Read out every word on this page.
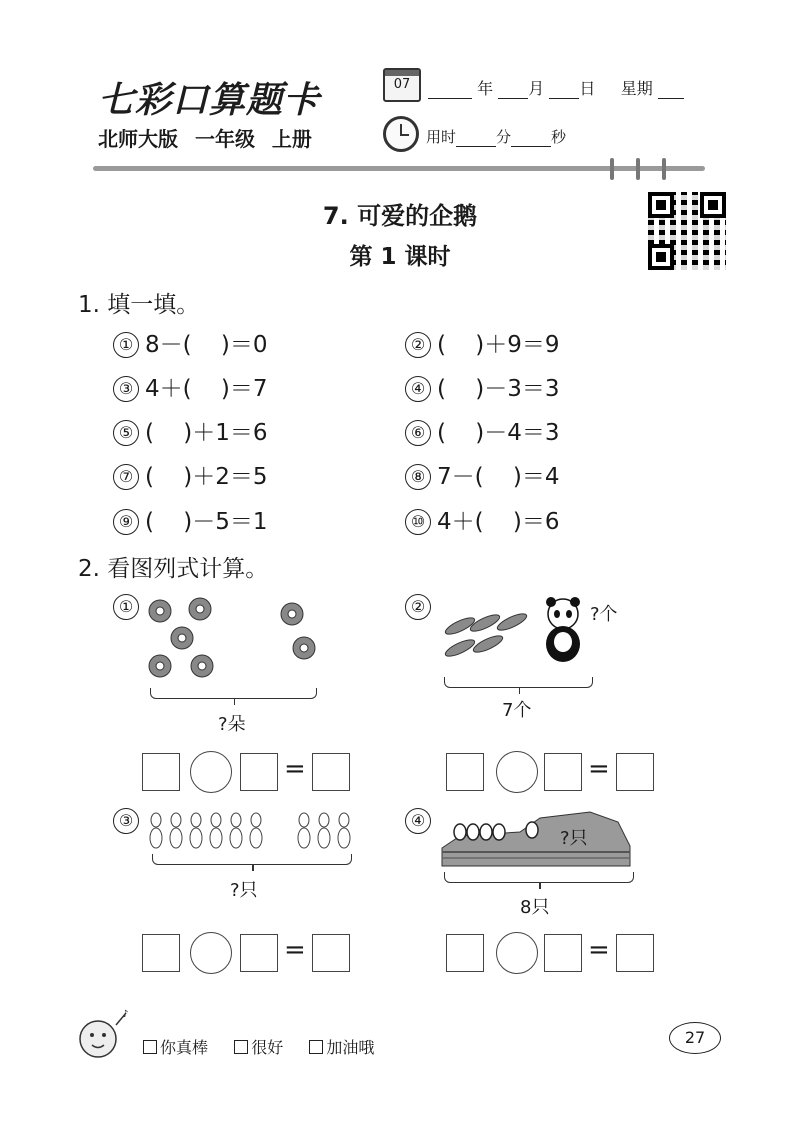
七彩口算题卡	07	年 月 日 星期
北师大版 一年级 上册	用时	分	秒
7. 可爱的企鹅
第 1 课时
1. 填一填。
① 8－(    )＝0	② (    )＋9＝9
③ 4＋(    )＝7	④ (    )－3＝3
⑤ (    )＋1＝6	⑥ (    )－4＝3
⑦ (    )＋2＝5	⑧ 7－(    )＝4
⑨ (    )－5＝1	⑩ 4＋(    )＝6
2. 看图列式计算。
①
?朵
②	?个
7个
=	=
③
?只
④
?只
8只
=	=
♪
你真棒	很好	加油哦
27
